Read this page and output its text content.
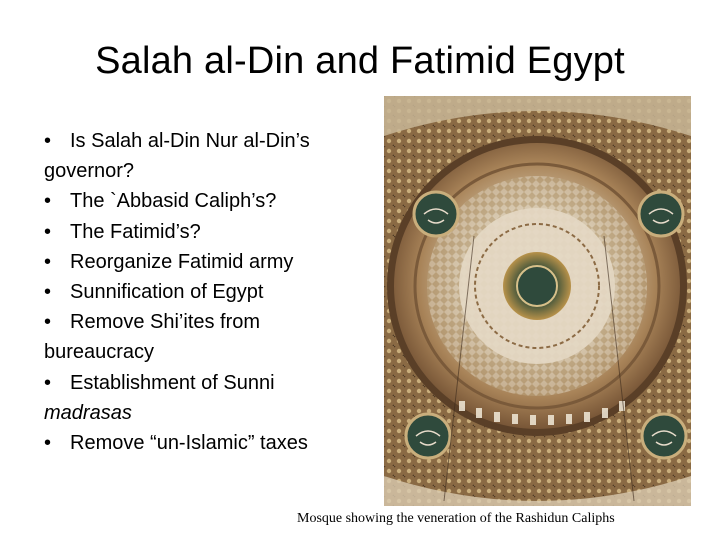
Salah al-Din and Fatimid Egypt
• Is Salah al-Din Nur al-Din’s governor?
• The `Abbasid Caliph’s?
• The Fatimid’s?
• Reorganize Fatimid army
• Sunnification of Egypt
• Remove Shi’ites from bureaucracy
• Establishment of Sunni madrasas
• Remove “un-Islamic” taxes
Mosque showing the veneration of the Rashidun Caliphs
